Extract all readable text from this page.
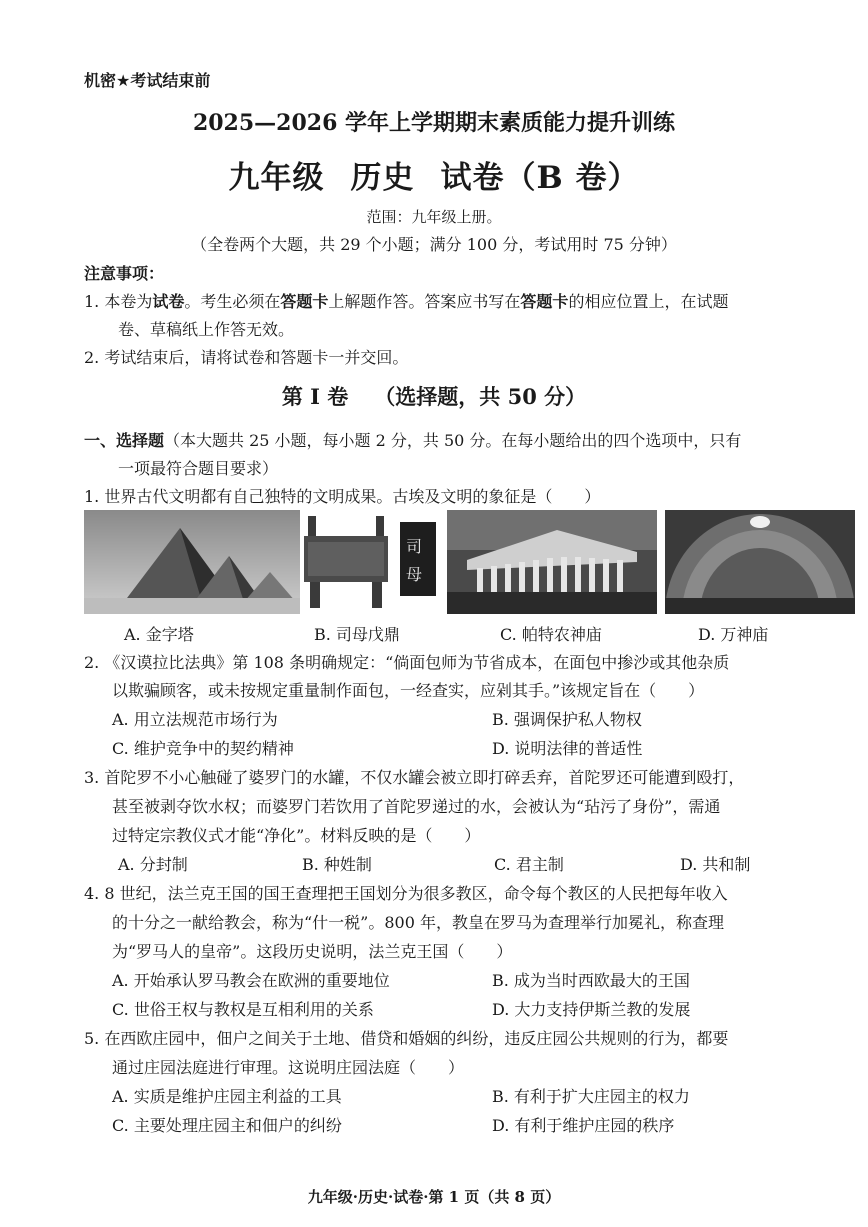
机密★考试结束前
2025—2026 学年上学期期末素质能力提升训练
九年级 历史 试卷（B 卷）
范围：九年级上册。
（全卷两个大题，共 29 个小题；满分 100 分，考试用时 75 分钟）
注意事项：
1. 本卷为试卷。考生必须在答题卡上解题作答。答案应书写在答题卡的相应位置上，在试题
卷、草稿纸上作答无效。
2. 考试结束后，请将试卷和答题卡一并交回。
第 I 卷 （选择题，共 50 分）
一、选择题（本大题共 25 小题，每小题 2 分，共 50 分。在每小题给出的四个选项中，只有
一项最符合题目要求）
1. 世界古代文明都有自己独特的文明成果。古埃及文明的象征是（　　）
司
母
A. 金字塔	B. 司母戊鼎	C. 帕特农神庙	D. 万神庙
2. 《汉谟拉比法典》第 108 条明确规定：“倘面包师为节省成本，在面包中掺沙或其他杂质
以欺骗顾客，或未按规定重量制作面包，一经查实，应剁其手。”该规定旨在（　　）
A. 用立法规范市场行为	B. 强调保护私人物权
C. 维护竞争中的契约精神	D. 说明法律的普适性
3. 首陀罗不小心触碰了婆罗门的水罐，不仅水罐会被立即打碎丢弃，首陀罗还可能遭到殴打，
甚至被剥夺饮水权；而婆罗门若饮用了首陀罗递过的水，会被认为“玷污了身份”，需通
过特定宗教仪式才能“净化”。材料反映的是（　　）
A. 分封制	B. 种姓制	C. 君主制	D. 共和制
4. 8 世纪，法兰克王国的国王查理把王国划分为很多教区，命令每个教区的人民把每年收入
的十分之一献给教会，称为“什一税”。800 年，教皇在罗马为查理举行加冕礼，称查理
为“罗马人的皇帝”。这段历史说明，法兰克王国（　　）
A. 开始承认罗马教会在欧洲的重要地位	B. 成为当时西欧最大的王国
C. 世俗王权与教权是互相利用的关系	D. 大力支持伊斯兰教的发展
5. 在西欧庄园中，佃户之间关于土地、借贷和婚姻的纠纷，违反庄园公共规则的行为，都要
通过庄园法庭进行审理。这说明庄园法庭（　　）
A. 实质是维护庄园主利益的工具	B. 有利于扩大庄园主的权力
C. 主要处理庄园主和佃户的纠纷	D. 有利于维护庄园的秩序
九年级·历史·试卷·第 1 页（共 8 页）
